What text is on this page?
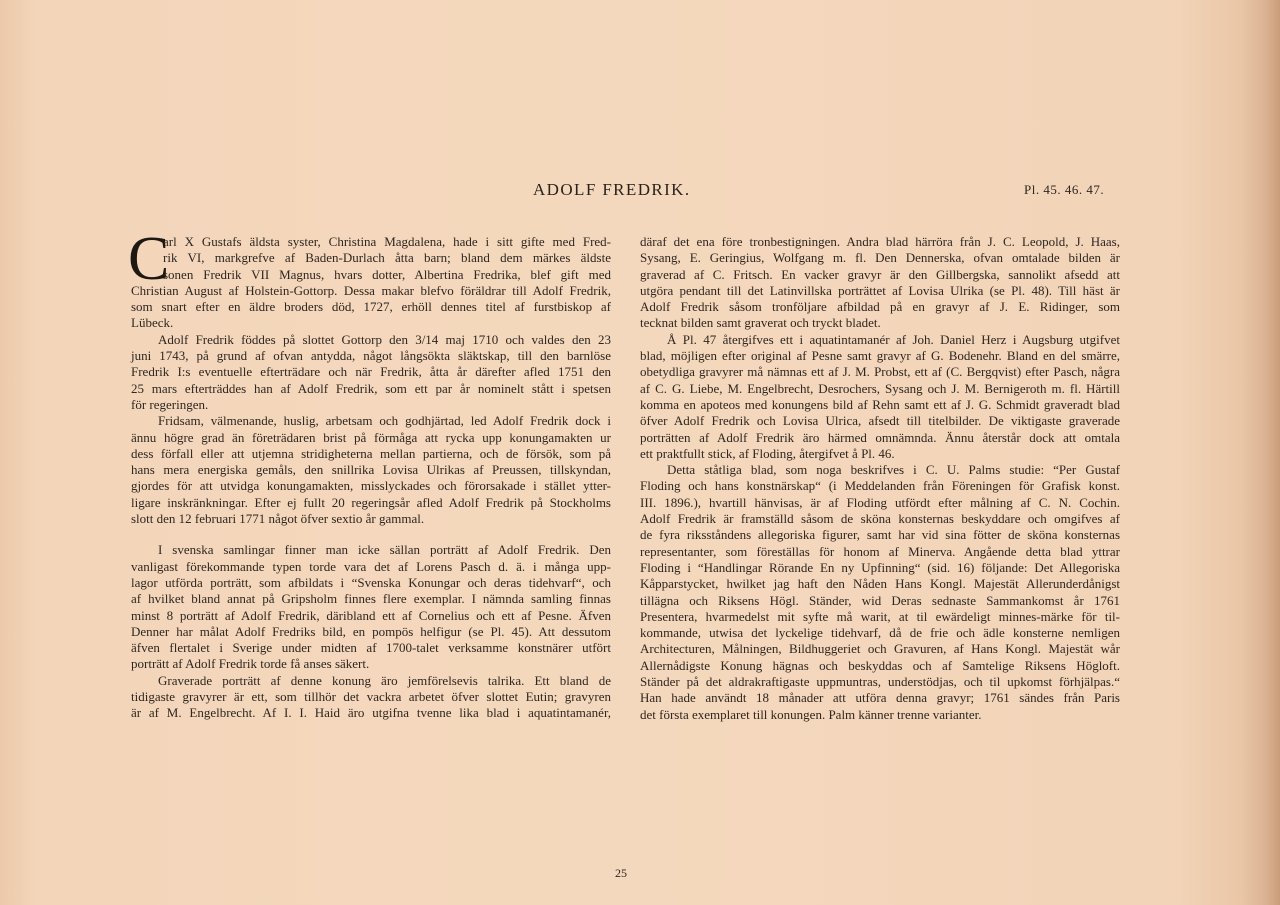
ADOLF FREDRIK.	Pl. 45. 46. 47.
C
arl X Gustafs äldsta syster, Christina Magdalena, hade i sitt gifte med Fred-
rik VI, markgrefve af Baden-Durlach åtta barn; bland dem märkes äldste
sonen Fredrik VII Magnus, hvars dotter, Albertina Fredrika, blef gift med
Christian August af Holstein-Gottorp. Dessa makar blefvo föräldrar till Adolf Fredrik,
som snart efter en äldre broders död, 1727, erhöll dennes titel af furstbiskop af
Lübeck.
Adolf Fredrik föddes på slottet Gottorp den 3/14 maj 1710 och valdes den 23
juni 1743, på grund af ofvan antydda, något långsökta släktskap, till den barnlöse
Fredrik I:s eventuelle efterträdare och när Fredrik, åtta år därefter afled 1751 den
25 mars efterträddes han af Adolf Fredrik, som ett par år nominelt stått i spetsen
för regeringen.
Fridsam, välmenande, huslig, arbetsam och godhjärtad, led Adolf Fredrik dock i
ännu högre grad än företrädaren brist på förmåga att rycka upp konungamakten ur
dess förfall eller att utjemna stridigheterna mellan partierna, och de försök, som på
hans mera energiska gemåls, den snillrika Lovisa Ulrikas af Preussen, tillskyndan,
gjordes för att utvidga konungamakten, misslyckades och förorsakade i stället ytter-
ligare inskränkningar. Efter ej fullt 20 regeringsår afled Adolf Fredrik på Stockholms
slott den 12 februari 1771 något öfver sextio år gammal.
I svenska samlingar finner man icke sällan porträtt af Adolf Fredrik. Den
vanligast förekommande typen torde vara det af Lorens Pasch d. ä. i många upp-
lagor utförda porträtt, som afbildats i “Svenska Konungar och deras tidehvarf“, och
af hvilket bland annat på Gripsholm finnes flere exemplar. I nämnda samling finnas
minst 8 porträtt af Adolf Fredrik, däribland ett af Cornelius och ett af Pesne. Äfven
Denner har målat Adolf Fredriks bild, en pompös helfigur (se Pl. 45). Att dessutom
äfven flertalet i Sverige under midten af 1700-talet verksamme konstnärer utfört
porträtt af Adolf Fredrik torde få anses säkert.
Graverade porträtt af denne konung äro jemförelsevis talrika. Ett bland de
tidigaste gravyrer är ett, som tillhör det vackra arbetet öfver slottet Eutin; gravyren
är af M. Engelbrecht. Af I. I. Haid äro utgifna tvenne lika blad i aquatintamanér,
däraf det ena före tronbestigningen. Andra blad härröra från J. C. Leopold, J. Haas,
Sysang, E. Geringius, Wolfgang m. fl. Den Dennerska, ofvan omtalade bilden är
graverad af C. Fritsch. En vacker gravyr är den Gillbergska, sannolikt afsedd att
utgöra pendant till det Latinvillska porträttet af Lovisa Ulrika (se Pl. 48). Till häst är
Adolf Fredrik såsom tronföljare afbildad på en gravyr af J. E. Ridinger, som
tecknat bilden samt graverat och tryckt bladet.
Å Pl. 47 återgifves ett i aquatintamanér af Joh. Daniel Herz i Augsburg utgifvet
blad, möjligen efter original af Pesne samt gravyr af G. Bodenehr. Bland en del smärre,
obetydliga gravyrer må nämnas ett af J. M. Probst, ett af (C. Bergqvist) efter Pasch, några
af C. G. Liebe, M. Engelbrecht, Desrochers, Sysang och J. M. Bernigeroth m. fl. Härtill
komma en apoteos med konungens bild af Rehn samt ett af J. G. Schmidt graveradt blad
öfver Adolf Fredrik och Lovisa Ulrica, afsedt till titelbilder. De viktigaste graverade
porträtten af Adolf Fredrik äro härmed omnämnda. Ännu återstår dock att omtala
ett praktfullt stick, af Floding, återgifvet å Pl. 46.
Detta ståtliga blad, som noga beskrifves i C. U. Palms studie: “Per Gustaf
Floding och hans konstnärskap“ (i Meddelanden från Föreningen för Grafisk konst.
III. 1896.), hvartill hänvisas, är af Floding utfördt efter målning af C. N. Cochin.
Adolf Fredrik är framställd såsom de sköna konsternas beskyddare och omgifves af
de fyra riksståndens allegoriska figurer, samt har vid sina fötter de sköna konsternas
representanter, som föreställas för honom af Minerva. Angående detta blad yttrar
Floding i “Handlingar Rörande En ny Upfinning“ (sid. 16) följande: Det Allegoriska
Kåpparstycket, hwilket jag haft den Nåden Hans Kongl. Majestät Allerunderdånigst
tillägna och Riksens Högl. Ständer, wid Deras sednaste Sammankomst år 1761
Presentera, hvarmedelst mit syfte må warit, at til ewärdeligt minnes-märke för til-
kommande, utwisa det lyckelige tidehvarf, då de frie och ädle konsterne nemligen
Architecturen, Målningen, Bildhuggeriet och Gravuren, af Hans Kongl. Majestät wår
Allernådigste Konung hägnas och beskyddas och af Samtelige Riksens Högloft.
Ständer på det aldrakraftigaste uppmuntras, understödjas, och til upkomst förhjälpas.“
Han hade användt 18 månader att utföra denna gravyr; 1761 sändes från Paris
det första exemplaret till konungen. Palm känner trenne varianter.
25
